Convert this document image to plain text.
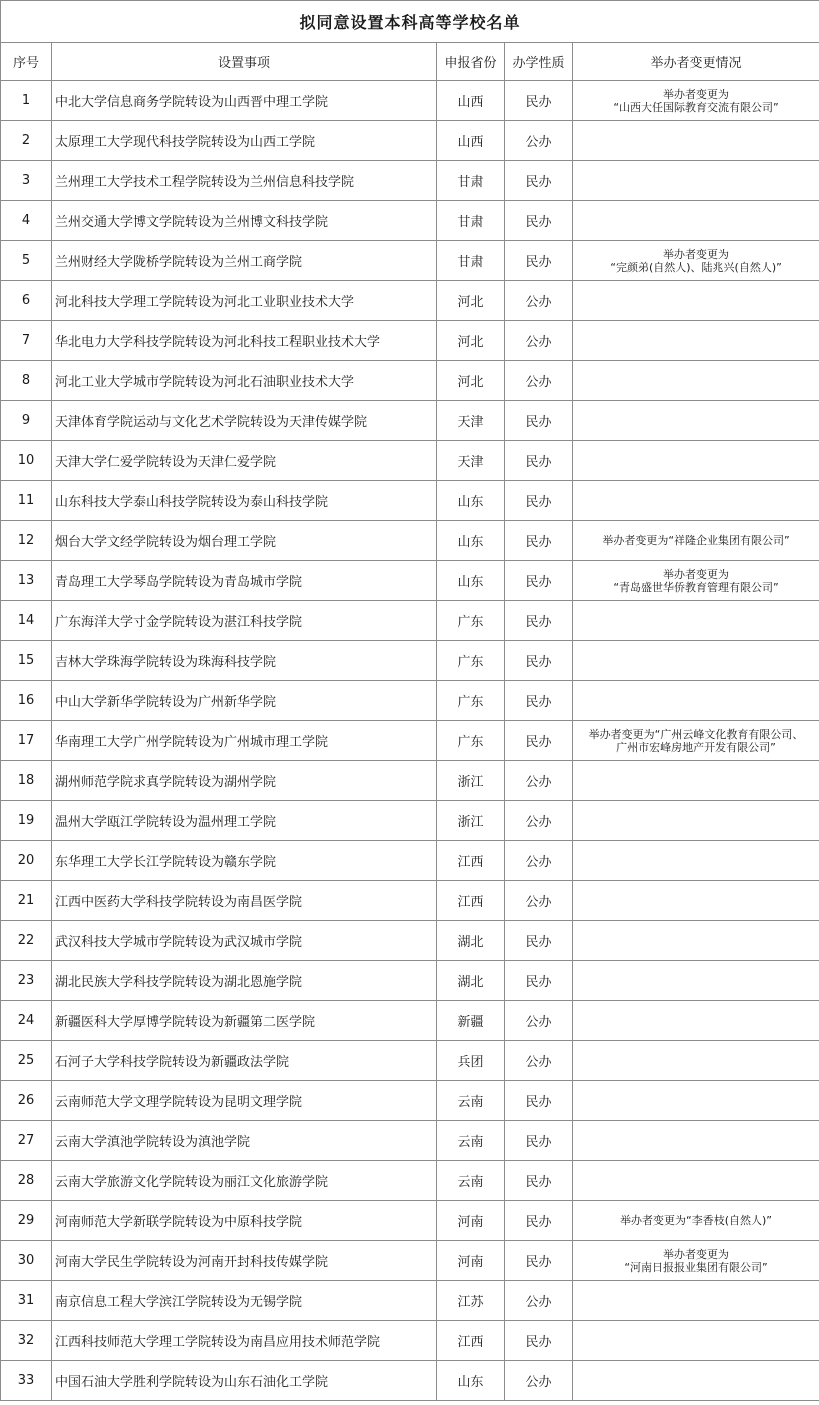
拟同意设置本科高等学校名单				
序号	设置事项	申报省份	办学性质	举办者变更情况
1	中北大学信息商务学院转设为山西晋中理工学院	山西	民办	举办者变更为
“山西大任国际教育交流有限公司”

2	太原理工大学现代科技学院转设为山西工学院	山西	公办	
3	兰州理工大学技术工程学院转设为兰州信息科技学院	甘肃	民办	
4	兰州交通大学博文学院转设为兰州博文科技学院	甘肃	民办	
5	兰州财经大学陇桥学院转设为兰州工商学院	甘肃	民办	举办者变更为
“完颜弟(自然人)、陆兆兴(自然人)”

6	河北科技大学理工学院转设为河北工业职业技术大学	河北	公办	
7	华北电力大学科技学院转设为河北科技工程职业技术大学	河北	公办	
8	河北工业大学城市学院转设为河北石油职业技术大学	河北	公办	
9	天津体育学院运动与文化艺术学院转设为天津传媒学院	天津	民办	
10	天津大学仁爱学院转设为天津仁爱学院	天津	民办	
11	山东科技大学泰山科技学院转设为泰山科技学院	山东	民办	
12	烟台大学文经学院转设为烟台理工学院	山东	民办	举办者变更为“祥隆企业集团有限公司”

13	青岛理工大学琴岛学院转设为青岛城市学院	山东	民办	举办者变更为
“青岛盛世华侨教育管理有限公司”

14	广东海洋大学寸金学院转设为湛江科技学院	广东	民办	
15	吉林大学珠海学院转设为珠海科技学院	广东	民办	
16	中山大学新华学院转设为广州新华学院	广东	民办	
17	华南理工大学广州学院转设为广州城市理工学院	广东	民办	举办者变更为“广州云峰文化教育有限公司、
广州市宏峰房地产开发有限公司”

18	湖州师范学院求真学院转设为湖州学院	浙江	公办	
19	温州大学瓯江学院转设为温州理工学院	浙江	公办	
20	东华理工大学长江学院转设为赣东学院	江西	公办	
21	江西中医药大学科技学院转设为南昌医学院	江西	公办	
22	武汉科技大学城市学院转设为武汉城市学院	湖北	民办	
23	湖北民族大学科技学院转设为湖北恩施学院	湖北	民办	
24	新疆医科大学厚博学院转设为新疆第二医学院	新疆	公办	
25	石河子大学科技学院转设为新疆政法学院	兵团	公办	
26	云南师范大学文理学院转设为昆明文理学院	云南	民办	
27	云南大学滇池学院转设为滇池学院	云南	民办	
28	云南大学旅游文化学院转设为丽江文化旅游学院	云南	民办	
29	河南师范大学新联学院转设为中原科技学院	河南	民办	举办者变更为“李香枝(自然人)”

30	河南大学民生学院转设为河南开封科技传媒学院	河南	民办	举办者变更为
“河南日报报业集团有限公司”

31	南京信息工程大学滨江学院转设为无锡学院	江苏	公办	
32	江西科技师范大学理工学院转设为南昌应用技术师范学院	江西	民办	
33	中国石油大学胜利学院转设为山东石油化工学院	山东	公办	
